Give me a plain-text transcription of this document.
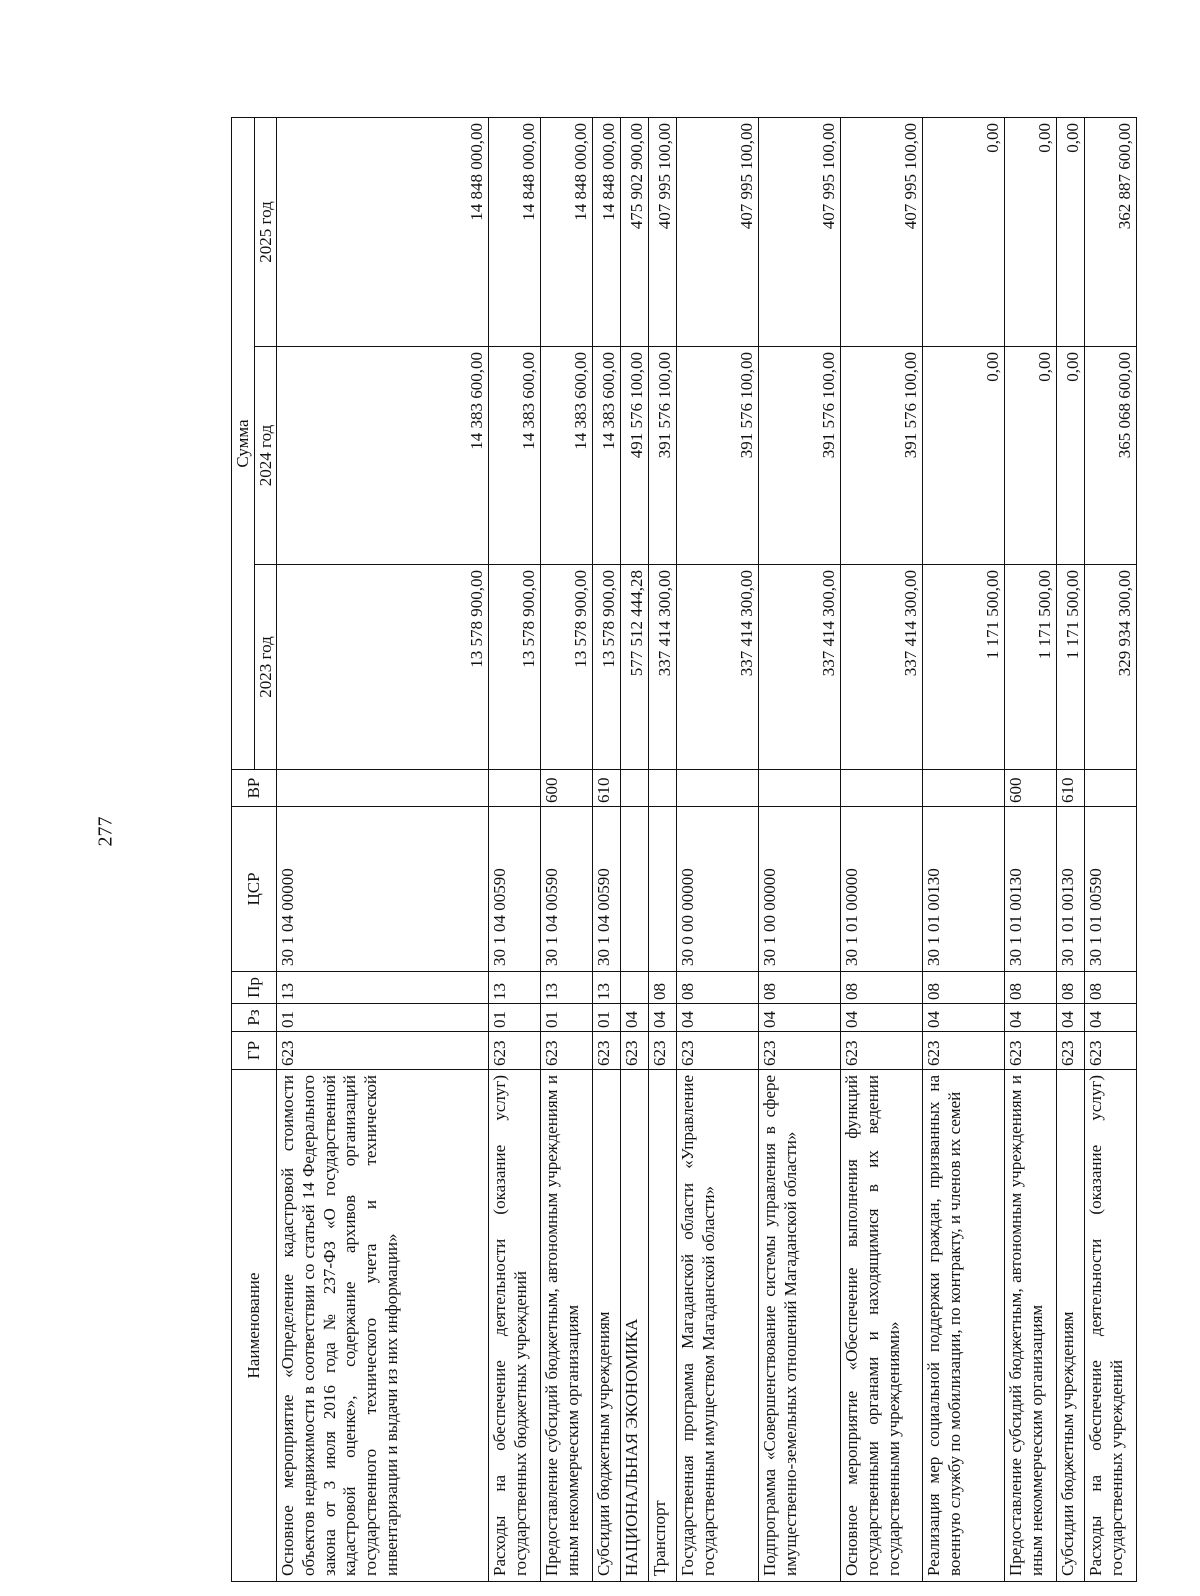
277
Наименование	ГР	Рз	Пр	ЦСР	ВР	Сумма		
						2023 год	2024 год	2025 год
Основное мероприятие «Определение кадастровой стоимости объектов недвижимости в соответствии со статьей 14 Федерального закона от 3 июля 2016 года № 237-ФЗ «О государственной кадастровой оценке», содержание архивов организаций государственного технического учета и технической инвентаризации и выдачи из них информации»	623	01	13	30 1 04 00000		13 578 900,00	14 383 600,00	14 848 000,00
Расходы на обеспечение деятельности (оказание услуг) государственных бюджетных учреждений	623	01	13	30 1 04 00590		13 578 900,00	14 383 600,00	14 848 000,00
Предоставление субсидий бюджетным, автономным учреждениям и иным некоммерческим организациям	623	01	13	30 1 04 00590	600	13 578 900,00	14 383 600,00	14 848 000,00
Субсидии бюджетным учреждениям	623	01	13	30 1 04 00590	610	13 578 900,00	14 383 600,00	14 848 000,00
НАЦИОНАЛЬНАЯ ЭКОНОМИКА	623	04				577 512 444,28	491 576 100,00	475 902 900,00
Транспорт	623	04	08			337 414 300,00	391 576 100,00	407 995 100,00
Государственная программа Магаданской области «Управление государственным имуществом Магаданской области»	623	04	08	30 0 00 00000		337 414 300,00	391 576 100,00	407 995 100,00
Подпрограмма «Совершенствование системы управления в сфере имущественно-земельных отношений Магаданской области»	623	04	08	30 1 00 00000		337 414 300,00	391 576 100,00	407 995 100,00
Основное мероприятие «Обеспечение выполнения функций государственными органами и находящимися в их ведении государственными учреждениями»	623	04	08	30 1 01 00000		337 414 300,00	391 576 100,00	407 995 100,00
Реализация мер социальной поддержки граждан, призванных на военную службу по мобилизации, по контракту, и членов их семей	623	04	08	30 1 01 00130		1 171 500,00	0,00	0,00
Предоставление субсидий бюджетным, автономным учреждениям и иным некоммерческим организациям	623	04	08	30 1 01 00130	600	1 171 500,00	0,00	0,00
Субсидии бюджетным учреждениям	623	04	08	30 1 01 00130	610	1 171 500,00	0,00	0,00
Расходы на обеспечение деятельности (оказание услуг) государственных учреждений	623	04	08	30 1 01 00590		329 934 300,00	365 068 600,00	362 887 600,00
